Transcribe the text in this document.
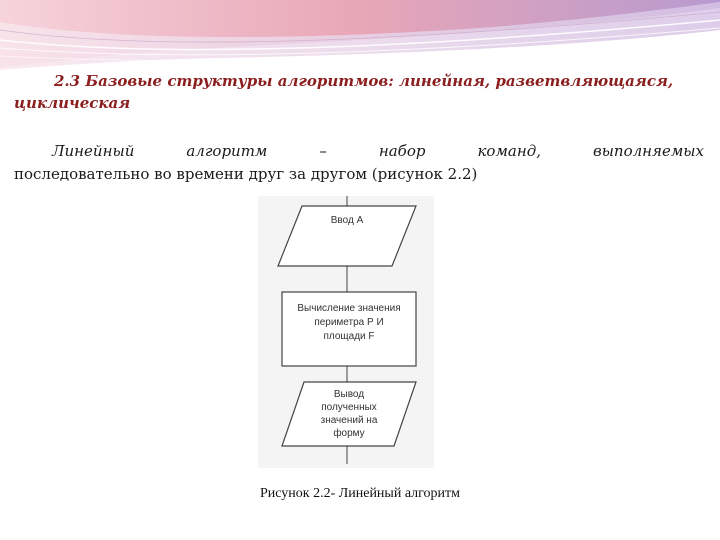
2.3 Базовые структуры алгоритмов: линейная, разветвляющаяся,
циклическая
Линейный	алгоритм	–	набор	команд,	выполняемых
последовательно во времени друг за другом (рисунок 2.2)
Ввод А
Вычисление значения
периметра Р И
площади F
Вывод
полученных
значений на
форму
Рисунок 2.2- Линейный алгоритм
